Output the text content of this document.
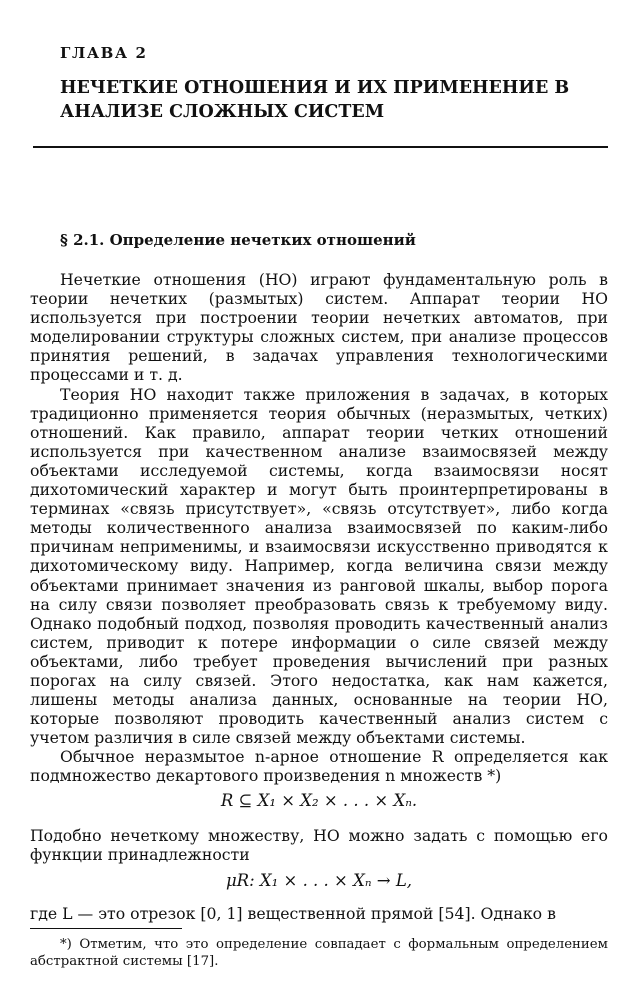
ГЛАВА 2
НЕЧЕТКИЕ ОТНОШЕНИЯ И ИХ ПРИМЕНЕНИЕ В АНАЛИЗЕ СЛОЖНЫХ СИСТЕМ
§ 2.1. Определение нечетких отношений

Нечеткие отношения (НО) играют фундаментальную роль в теории нечетких (размытых) систем. Аппарат теории НО используется при построении теории нечетких автоматов, при моделировании структуры сложных систем, при анализе процессов принятия решений, в задачах управления технологическими процессами и т. д.

Теория НО находит также приложения в задачах, в которых традиционно применяется теория обычных (неразмытых, четких) отношений. Как правило, аппарат теории четких отношений используется при качественном анализе взаимосвязей между объектами исследуемой системы, когда взаимосвязи носят дихотомический характер и могут быть проинтерпретированы в терминах «связь присутствует», «связь отсутствует», либо когда методы количественного анализа взаимосвязей по каким-либо причинам неприменимы, и взаимосвязи искусственно приводятся к дихотомическому виду. Например, когда величина связи между объектами принимает значения из ранговой шкалы, выбор порога на силу связи позволяет преобразовать связь к требуемому виду. Однако подобный подход, позволяя проводить качественный анализ систем, приводит к потере информации о силе связей между объектами, либо требует проведения вычислений при разных порогах на силу связей. Этого недостатка, как нам кажется, лишены методы анализа данных, основанные на теории НО, которые позволяют проводить качественный анализ систем с учетом различия в силе связей между объектами системы.

Обычное неразмытое n-арное отношение R определяется как подмножество декартового произведения n множеств *)

R ⊆ X₁ × X₂ × . . . × Xₙ.

Подобно нечеткому множеству, НО можно задать с помощью его функции принадлежности

μR: X₁ × . . . × Xₙ → L,

где L — это отрезок [0, 1] вещественной прямой [54]. Однако в

*) Отметим, что это определение совпадает с формальным определением абстрактной системы [17].
